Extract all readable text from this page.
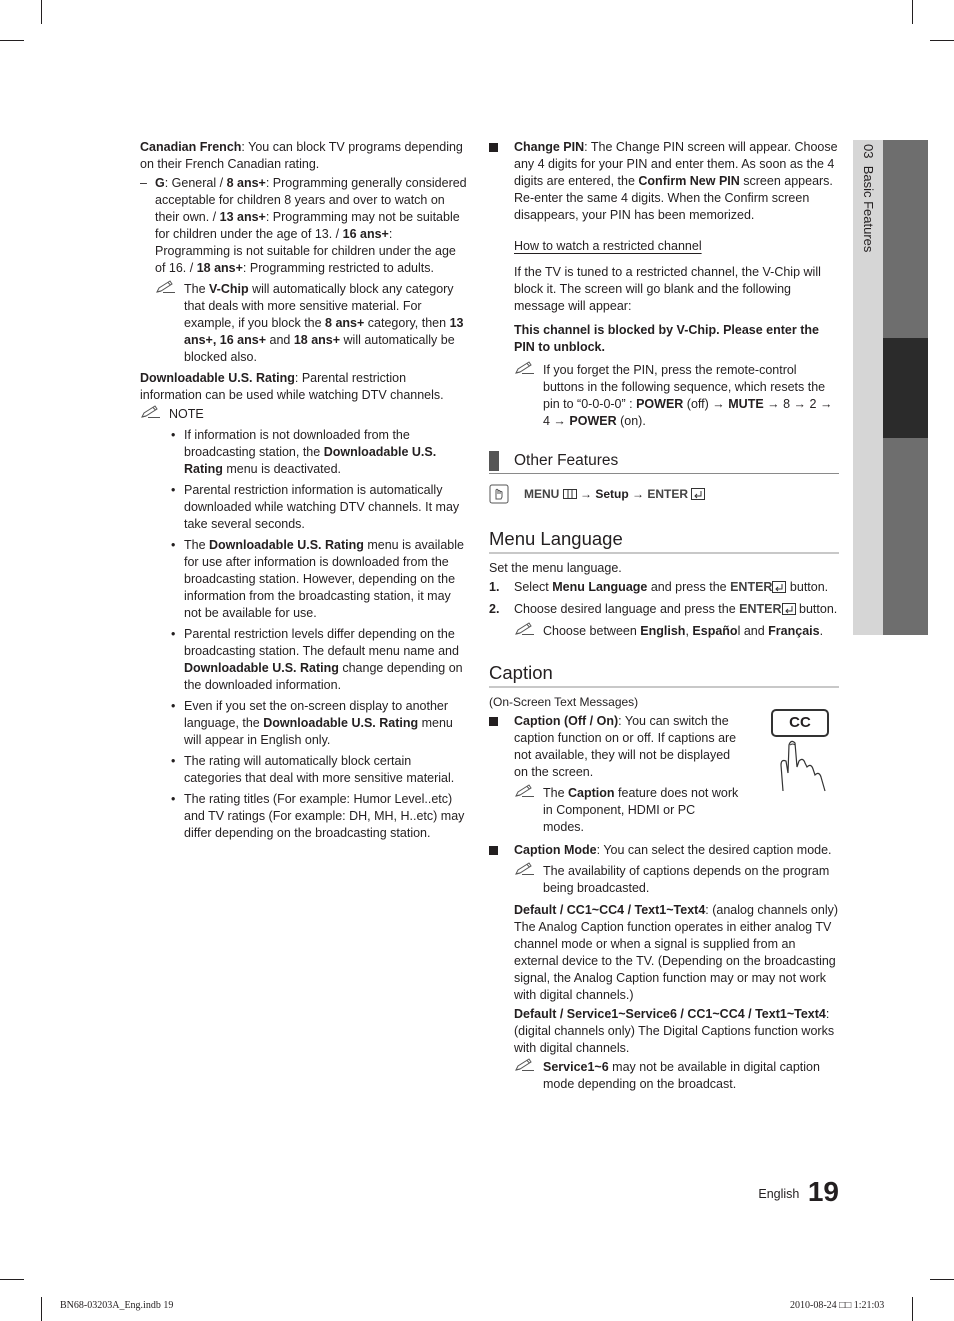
03  Basic Features

Canadian French: You can block TV programs depending on their French Canadian rating.

– G: General / 8 ans+: Programming generally considered acceptable for children 8 years and over to watch on their own. / 13 ans+: Programming may not be suitable for children under the age of 13. / 16 ans+: Programming is not suitable for children under the age of 16. / 18 ans+: Programming restricted to adults.
The V-Chip will automatically block any category that deals with more sensitive material. For example, if you block the 8 ans+ category, then 13 ans+, 16 ans+ and 18 ans+ will automatically be blocked also.

Downloadable U.S. Rating: Parental restriction information can be used while watching DTV channels.

NOTE
• If information is not downloaded from the broadcasting station, the Downloadable U.S. Rating menu is deactivated.
• Parental restriction information is automatically downloaded while watching DTV channels. It may take several seconds.
• The Downloadable U.S. Rating menu is available for use after information is downloaded from the broadcasting station. However, depending on the information from the broadcasting station, it may not be available for use.
• Parental restriction levels differ depending on the broadcasting station. The default menu name and Downloadable U.S. Rating change depending on the downloaded information.
• Even if you set the on-screen display to another language, the Downloadable U.S. Rating menu will appear in English only.
• The rating will automatically block certain categories that deal with more sensitive material.
• The rating titles (For example: Humor Level..etc) and TV ratings (For example: DH, MH, H..etc) may differ depending on the broadcasting station.
Change PIN: The Change PIN screen will appear. Choose any 4 digits for your PIN and enter them. As soon as the 4 digits are entered, the Confirm New PIN screen appears. Re-enter the same 4 digits. When the Confirm screen disappears, your PIN has been memorized.
How to watch a restricted channel

If the TV is tuned to a restricted channel, the V-Chip will block it. The screen will go blank and the following message will appear:

This channel is blocked by V-Chip. Please enter the PIN to unblock.

If you forget the PIN, press the remote-control buttons in the following sequence, which resets the pin to “0-0-0-0” : POWER (off) → MUTE → 8 → 2 → 4 → POWER (on).
Other Features
MENU  → Setup → ENTER
Menu Language

Set the menu language.

1. Select Menu Language and press the ENTER button.
2. Choose desired language and press the ENTER button.
Choose between English, Español and Français.
Caption

(On-Screen Text Messages)

CC
Caption (Off / On): You can switch the caption function on or off. If captions are not available, they will not be displayed on the screen.
The Caption feature does not work in Component, HDMI or PC modes.
Caption Mode: You can select the desired caption mode.
The availability of captions depends on the program being broadcasted.

Default / CC1~CC4 / Text1~Text4: (analog channels only) The Analog Caption function operates in either analog TV channel mode or when a signal is supplied from an external device to the TV. (Depending on the broadcasting signal, the Analog Caption function may or may not work with digital channels.)

Default / Service1~Service6 / CC1~CC4 / Text1~Text4: (digital channels only) The Digital Captions function works with digital channels.

Service1~6 may not be available in digital caption mode depending on the broadcast.
English 19
BN68-03203A_Eng.indb 19	2010-08-24 □□ 1:21:03
